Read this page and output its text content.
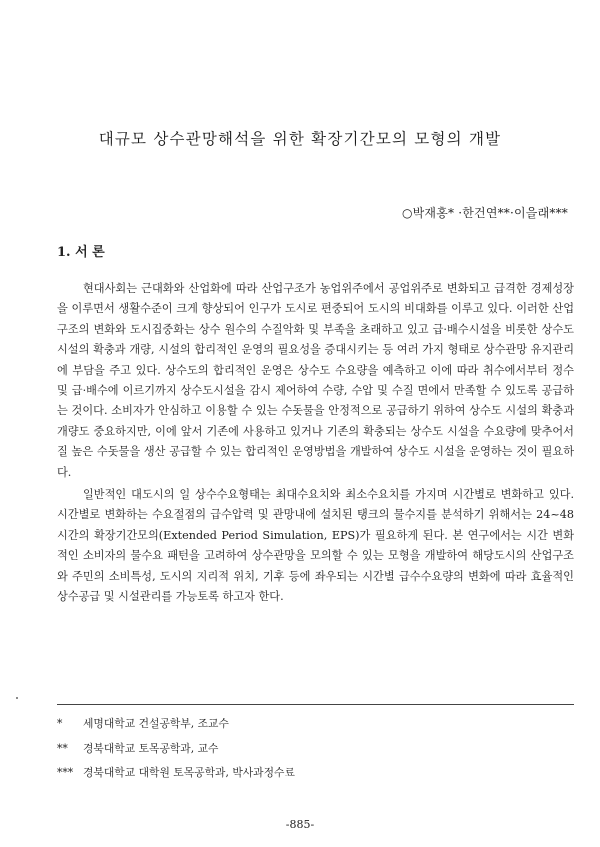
대규모 상수관망해석을 위한 확장기간모의 모형의 개발
○박재홍* ·한건연**·이을래***
1. 서 론

현대사회는 근대화와 산업화에 따라 산업구조가 농업위주에서 공업위주로 변화되고 급격한 경제성장을 이루면서 생활수준이 크게 향상되어 인구가 도시로 편중되어 도시의 비대화를 이루고 있다. 이러한 산업구조의 변화와 도시집중화는 상수 원수의 수질악화 및 부족을 초래하고 있고 급·배수시설을 비롯한 상수도시설의 확충과 개량, 시설의 합리적인 운영의 필요성을 증대시키는 등 여러 가지 형태로 상수관망 유지관리에 부담을 주고 있다. 상수도의 합리적인 운영은 상수도 수요량을 예측하고 이에 따라 취수에서부터 정수 및 급·배수에 이르기까지 상수도시설을 감시 제어하여 수량, 수압 및 수질 면에서 만족할 수 있도록 공급하는 것이다. 소비자가 안심하고 이용할 수 있는 수돗물을 안정적으로 공급하기 위하여 상수도 시설의 확충과 개량도 중요하지만, 이에 앞서 기존에 사용하고 있거나 기존의 확충되는 상수도 시설을 수요량에 맞추어서 질 높은 수돗물을 생산 공급할 수 있는 합리적인 운영방법을 개발하여 상수도 시설을 운영하는 것이 필요하다.

일반적인 대도시의 일 상수수요형태는 최대수요치와 최소수요치를 가지며 시간별로 변화하고 있다. 시간별로 변화하는 수요절점의 급수압력 및 관망내에 설치된 탱크의 물수지를 분석하기 위해서는 24~48 시간의 확장기간모의(Extended Period Simulation, EPS)가 필요하게 된다. 본 연구에서는 시간 변화적인 소비자의 물수요 패턴을 고려하여 상수관망을 모의할 수 있는 모형을 개발하여 해당도시의 산업구조와 주민의 소비특성, 도시의 지리적 위치, 기후 등에 좌우되는 시간별 급수수요량의 변화에 따라 효율적인 상수공급 및 시설관리를 가능토록 하고자 한다.

* 세명대학교 건설공학부, 조교수
** 경북대학교 토목공학과, 교수
*** 경북대학교 대학원 토목공학과, 박사과정수료
-885-
